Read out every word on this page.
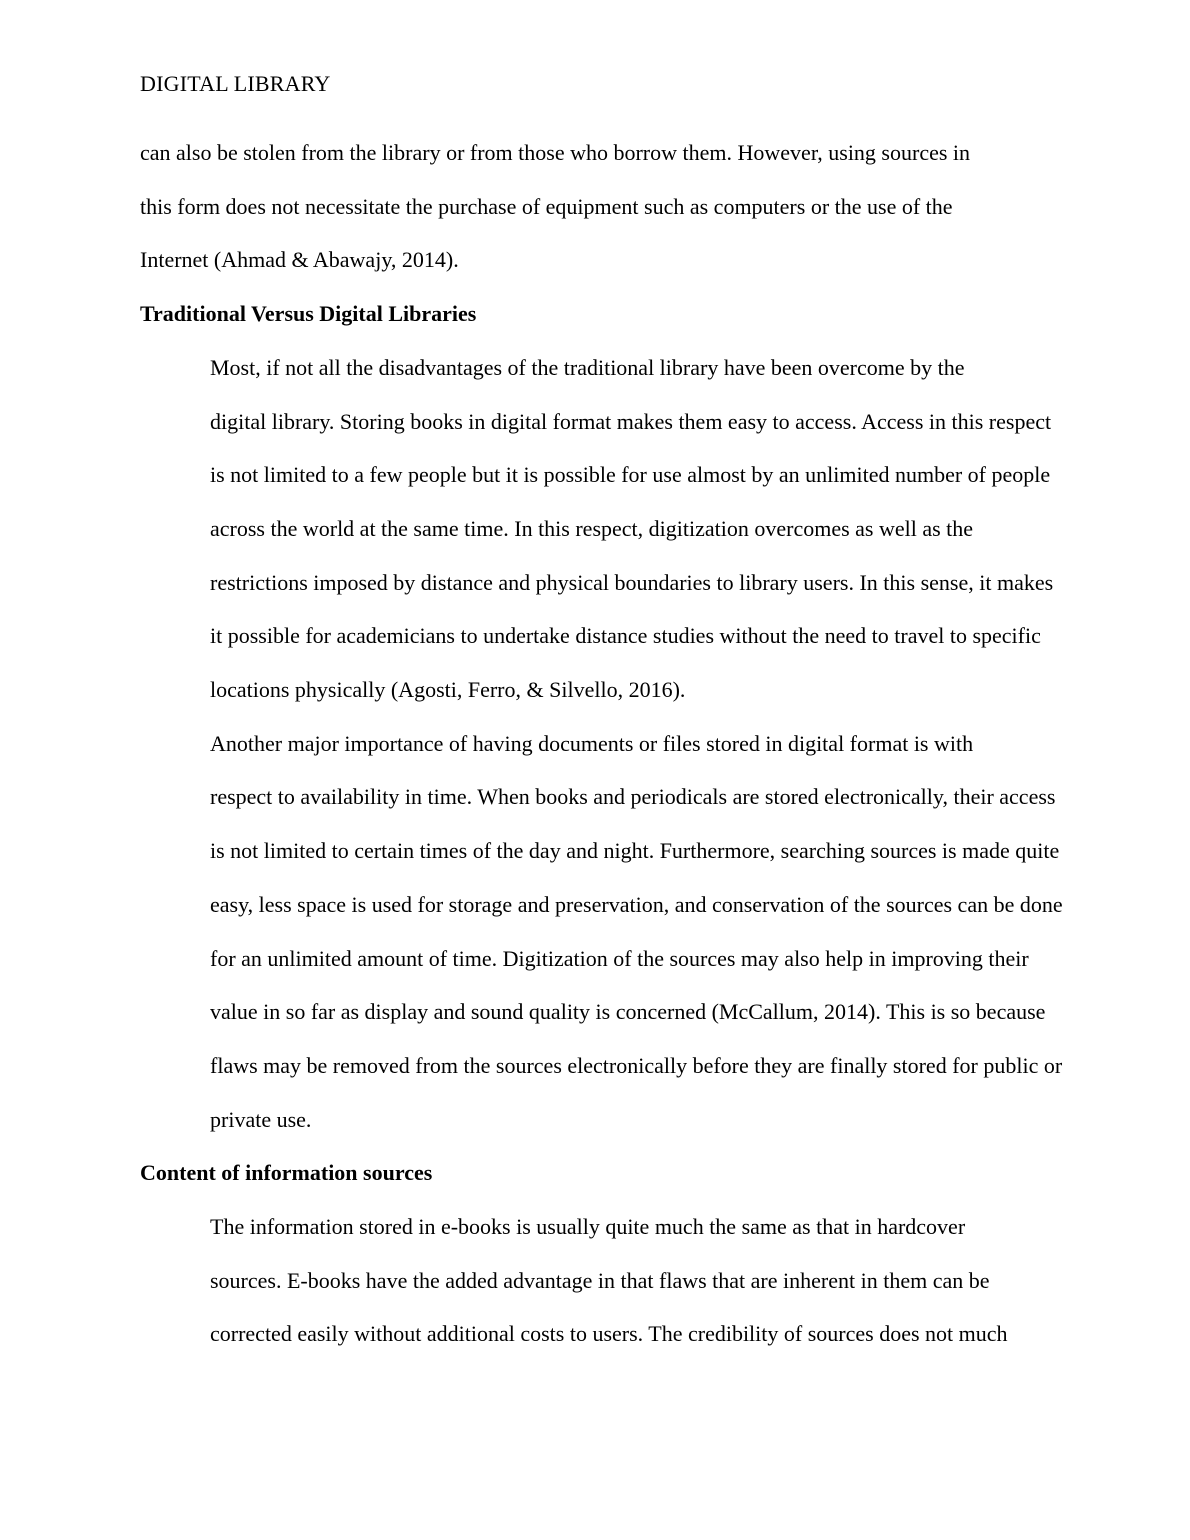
DIGITAL LIBRARY

can also be stolen from the library or from those who borrow them. However, using sources in
this form does not necessitate the purchase of equipment such as computers or the use of the
Internet (Ahmad & Abawajy, 2014).

Traditional Versus Digital Libraries

Most, if not all the disadvantages of the traditional library have been overcome by the
digital library. Storing books in digital format makes them easy to access. Access in this respect
is not limited to a few people but it is possible for use almost by an unlimited number of people
across the world at the same time. In this respect, digitization overcomes as well as the
restrictions imposed by distance and physical boundaries to library users. In this sense, it makes
it possible for academicians to undertake distance studies without the need to travel to specific
locations physically (Agosti, Ferro, & Silvello, 2016).

Another major importance of having documents or files stored in digital format is with
respect to availability in time. When books and periodicals are stored electronically, their access
is not limited to certain times of the day and night. Furthermore, searching sources is made quite
easy, less space is used for storage and preservation, and conservation of the sources can be done
for an unlimited amount of time. Digitization of the sources may also help in improving their
value in so far as display and sound quality is concerned (McCallum, 2014). This is so because
flaws may be removed from the sources electronically before they are finally stored for public or
private use.

Content of information sources

The information stored in e-books is usually quite much the same as that in hardcover
sources. E-books have the added advantage in that flaws that are inherent in them can be
corrected easily without additional costs to users. The credibility of sources does not much
